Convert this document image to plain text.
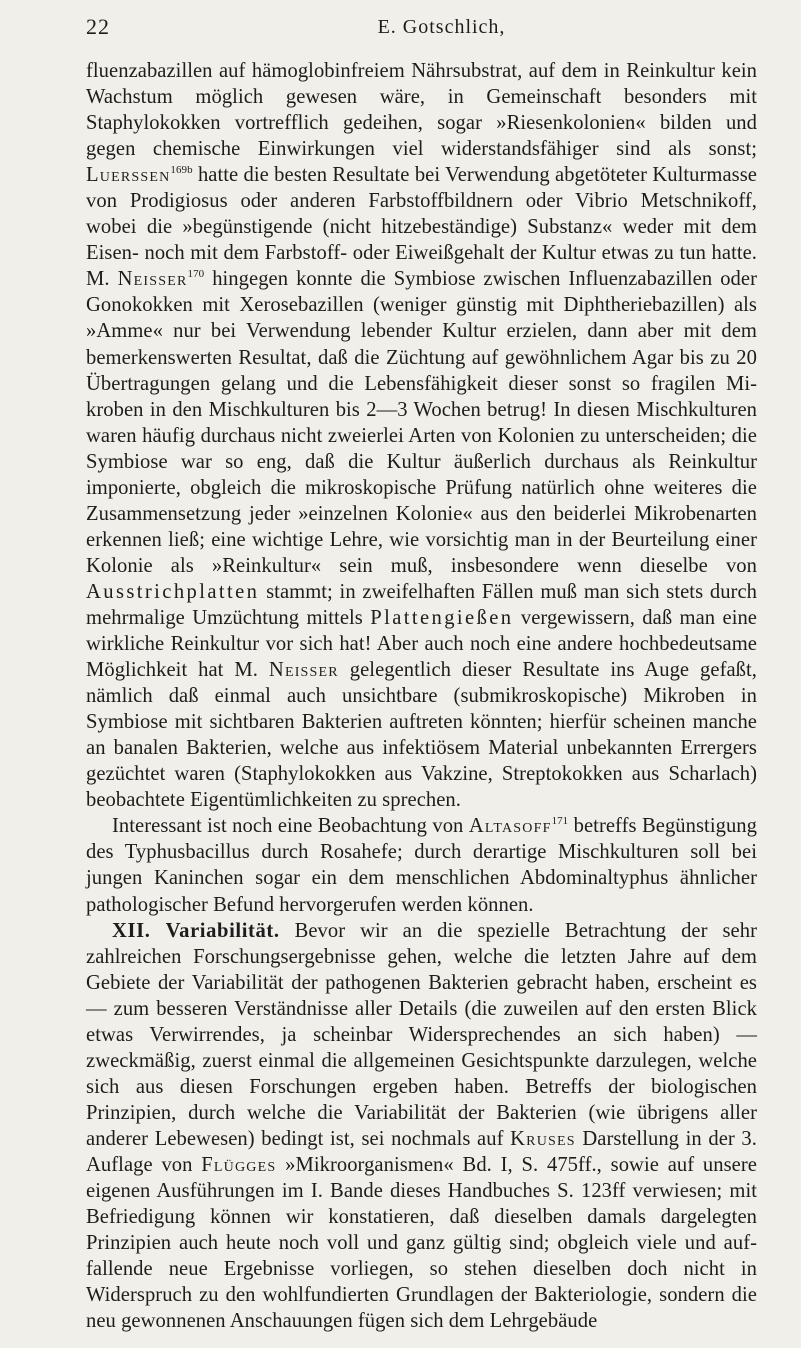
22	E. Gotschlich,

fluenzabazillen auf hämoglobinfreiem Nährsubstrat, auf dem in Reinkultur kein Wachstum möglich gewesen wäre, in Gemeinschaft besonders mit Staphylokokken vortrefflich gedeihen, sogar »Riesenkolonien« bilden und gegen chemische Einwirkungen viel widerstandsfähiger sind als sonst; Luerssen$^{169b}$ hatte die besten Resultate bei Verwendung abgetöteter Kulturmasse von Prodigiosus oder anderen Farbstoffbildnern oder Vibrio Metschnikoff, wobei die »begünstigende (nicht hitzebeständige) Substanz« weder mit dem Eisen- noch mit dem Farbstoff- oder Eiweißgehalt der Kultur etwas zu tun hatte. M. Neisser$^{170}$ hingegen konnte die Symbiose zwischen Influenzabazillen oder Gonokokken mit Xerosebazillen (weniger günstig mit Diphtheriebazillen) als »Amme« nur bei Verwendung lebender Kultur erzielen, dann aber mit dem bemerkenswerten Resultat, daß die Züchtung auf gewöhnlichem Agar bis zu 20 Übertragungen gelang und die Lebensfähigkeit dieser sonst so fragilen Mikroben in den Mischkulturen bis 2—3 Wochen betrug! In diesen Mischkulturen waren häufig durchaus nicht zweierlei Arten von Kolonien zu unterscheiden; die Symbiose war so eng, daß die Kultur äußerlich durchaus als Reinkultur imponierte, obgleich die mikroskopische Prüfung natürlich ohne weiteres die Zusammensetzung jeder »einzelnen Kolonie« aus den beiderlei Mikrobenarten erkennen ließ; eine wichtige Lehre, wie vorsichtig man in der Beurteilung einer Kolonie als »Reinkultur« sein muß, insbesondere wenn dieselbe von Ausstrichplatten stammt; in zweifelhaften Fällen muß man sich stets durch mehrmalige Umzüchtung mittels Plattengießen vergewissern, daß man eine wirkliche Reinkultur vor sich hat! Aber auch noch eine andere hochbedeutsame Möglichkeit hat M. Neisser gelegentlich dieser Resultate ins Auge gefaßt, nämlich daß einmal auch unsichtbare (submikroskopische) Mikroben in Symbiose mit sichtbaren Bakterien auftreten könnten; hierfür scheinen manche an banalen Bakterien, welche aus infektiösem Material unbekannten Errergers gezüchtet waren (Staphylokokken aus Vakzine, Streptokokken aus Scharlach) beobachtete Eigentümlichkeiten zu sprechen.

Interessant ist noch eine Beobachtung von Altasoff$^{171}$ betreffs Begünstigung des Typhusbacillus durch Rosahefe; durch derartige Mischkulturen soll bei jungen Kaninchen sogar ein dem menschlichen Abdominaltyphus ähnlicher pathologischer Befund hervorgerufen werden können.

XII. Variabilität. Bevor wir an die spezielle Betrachtung der sehr zahlreichen Forschungsergebnisse gehen, welche die letzten Jahre auf dem Gebiete der Variabilität der pathogenen Bakterien gebracht haben, erscheint es — zum besseren Verständnisse aller Details (die zuweilen auf den ersten Blick etwas Verwirrendes, ja scheinbar Widersprechendes an sich haben) — zweckmäßig, zuerst einmal die allgemeinen Gesichtspunkte darzulegen, welche sich aus diesen Forschungen ergeben haben. Betreffs der biologischen Prinzipien, durch welche die Variabilität der Bakterien (wie übrigens aller anderer Lebewesen) bedingt ist, sei nochmals auf Kruses Darstellung in der 3. Auflage von Flügges »Mikroorganismen« Bd. I, S. 475ff., sowie auf unsere eigenen Ausführungen im I. Bande dieses Handbuches S. 123ff verwiesen; mit Befriedigung können wir konstatieren, daß dieselben damals dargelegten Prinzipien auch heute noch voll und ganz gültig sind; obgleich viele und auffallende neue Ergebnisse vorliegen, so stehen dieselben doch nicht in Widerspruch zu den wohlfundierten Grundlagen der Bakteriologie, sondern die neu gewonnenen Anschauungen fügen sich dem Lehrgebäude
